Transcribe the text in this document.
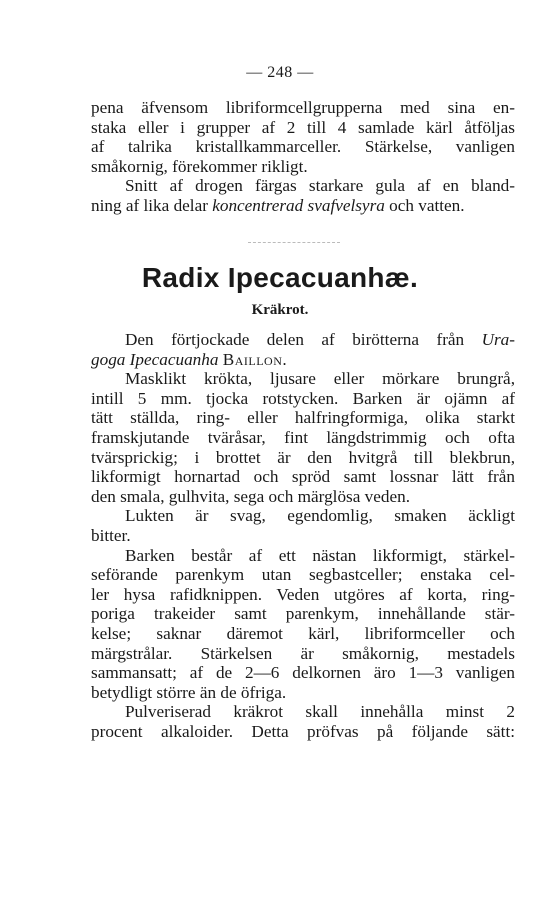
— 248 —

pena äfvensom libriformcellgrupperna med sina en-

staka eller i grupper af 2 till 4 samlade kärl åtföljas

af talrika kristallkammarceller. Stärkelse, vanligen

småkornig, förekommer rikligt.

Snitt af drogen färgas starkare gula af en bland-

ning af lika delar koncentrerad svafvelsyra och vatten.

Radix Ipecacuanhæ.
Kräkrot.

Den förtjockade delen af birötterna från Ura-

goga Ipecacuanha Baillon.

Masklikt krökta, ljusare eller mörkare brungrå,

intill 5 mm. tjocka rotstycken. Barken är ojämn af

tätt ställda, ring- eller halfringformiga, olika starkt

framskjutande tväråsar, fint längdstrimmig och ofta

tvärsprickig; i brottet är den hvitgrå till blekbrun,

likformigt hornartad och spröd samt lossnar lätt från

den smala, gulhvita, sega och märglösa veden.

Lukten är svag, egendomlig, smaken äckligt

bitter.

Barken består af ett nästan likformigt, stärkel-

seförande parenkym utan segbastceller; enstaka cel-

ler hysa rafidknippen. Veden utgöres af korta, ring-

poriga trakeider samt parenkym, innehållande stär-

kelse; saknar däremot kärl, libriformceller och

märgstrålar. Stärkelsen är småkornig, mestadels

sammansatt; af de 2—6 delkornen äro 1—3 vanligen

betydligt större än de öfriga.

Pulveriserad kräkrot skall innehålla minst 2

procent alkaloider. Detta pröfvas på följande sätt:
